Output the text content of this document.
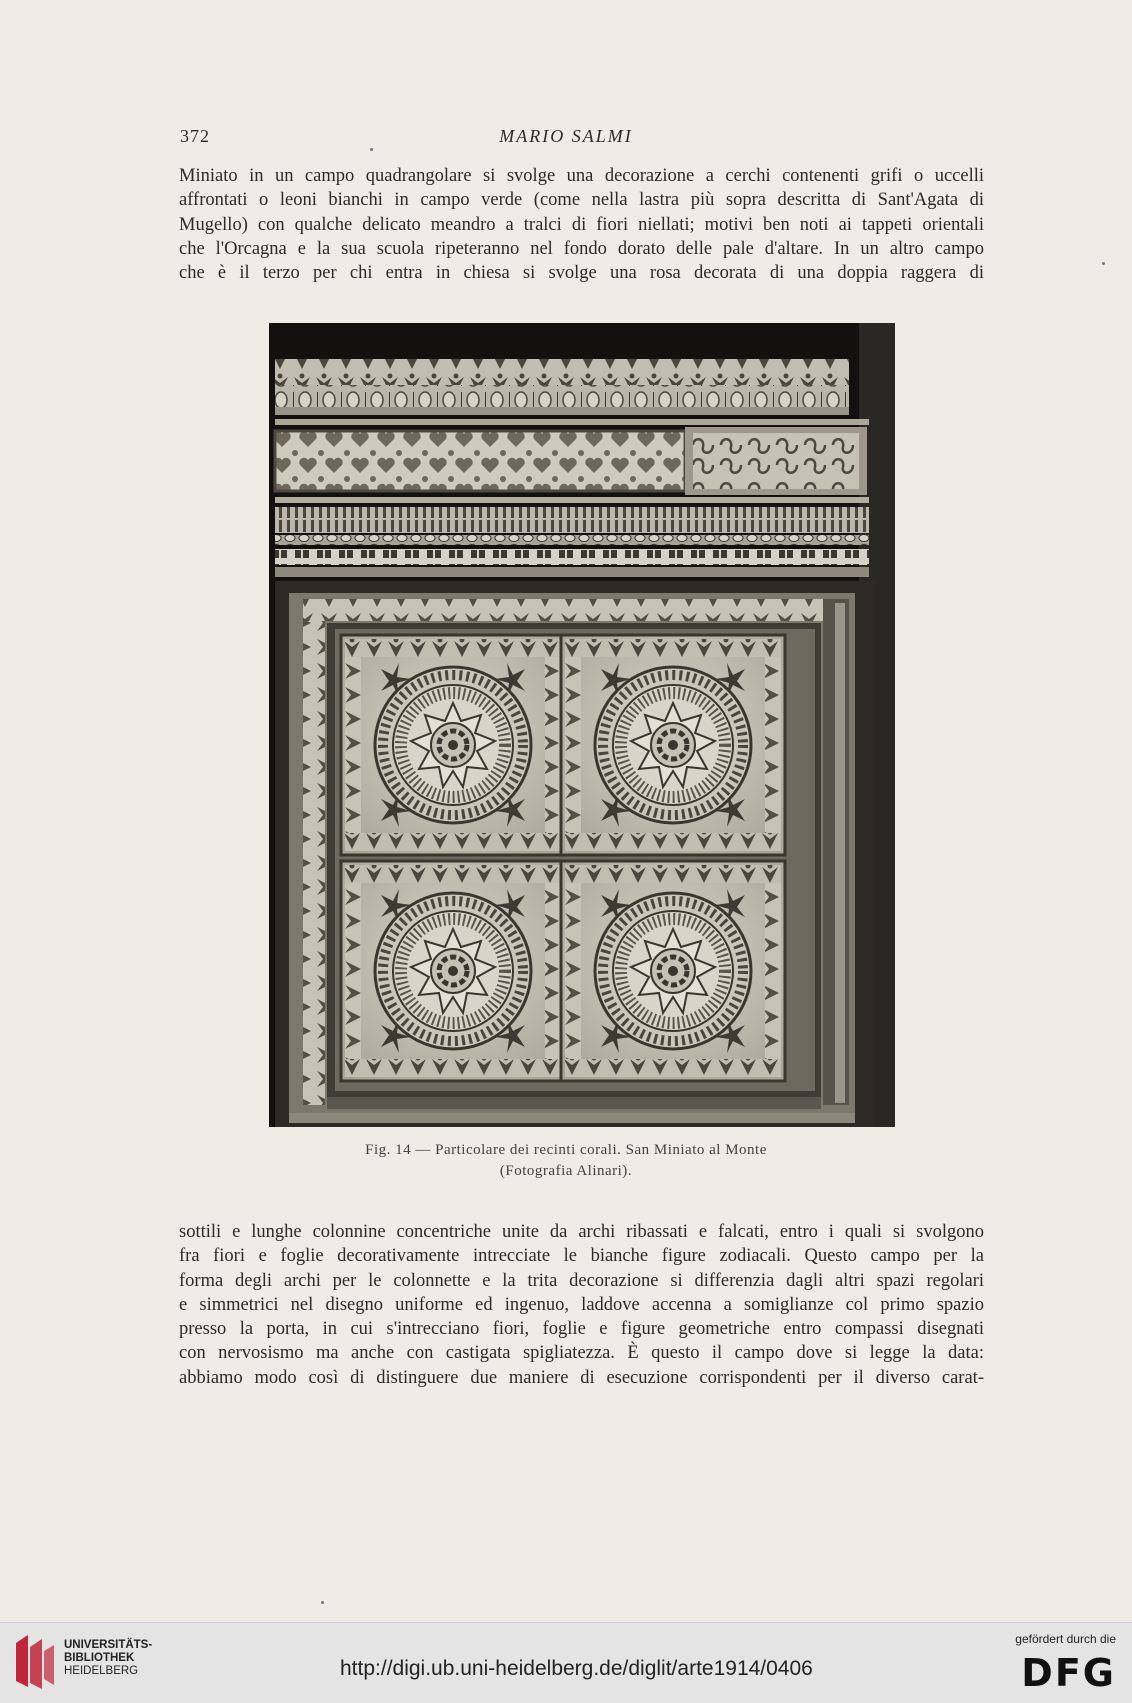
372	MARIO SALMI

Miniato in un campo quadrangolare si svolge una decorazione a cerchi contenenti grifi o uccelli
affrontati o leoni bianchi in campo verde (come nella lastra più sopra descritta di Sant'Agata di
Mugello) con qualche delicato meandro a tralci di fiori niellati; motivi ben noti ai tappeti orientali
che l'Orcagna e la sua scuola ripeteranno nel fondo dorato delle pale d'altare. In un altro campo
che è il terzo per chi entra in chiesa si svolge una rosa decorata di una doppia raggera di

Fig. 14 — Particolare dei recinti corali. San Miniato al Monte
(Fotografia Alinari).

sottili e lunghe colonnine concentriche unite da archi ribassati e falcati, entro i quali si svolgono
fra fiori e foglie decorativamente intrecciate le bianche figure zodiacali. Questo campo per la
forma degli archi per le colonnette e la trita decorazione si differenzia dagli altri spazi regolari
e simmetrici nel disegno uniforme ed ingenuo, laddove accenna a somiglianze col primo spazio
presso la porta, in cui s'intrecciano fiori, foglie e figure geometriche entro compassi disegnati
con nervosismo ma anche con castigata spigliatezza. È questo il campo dove si legge la data:
abbiamo modo così di distinguere due maniere di esecuzione corrispondenti per il diverso carat-

UNIVERSITÄTS-
BIBLIOTHEK
HEIDELBERG	http://digi.ub.uni-heidelberg.de/diglit/arte1914/0406
gefördert durch die
DFG
